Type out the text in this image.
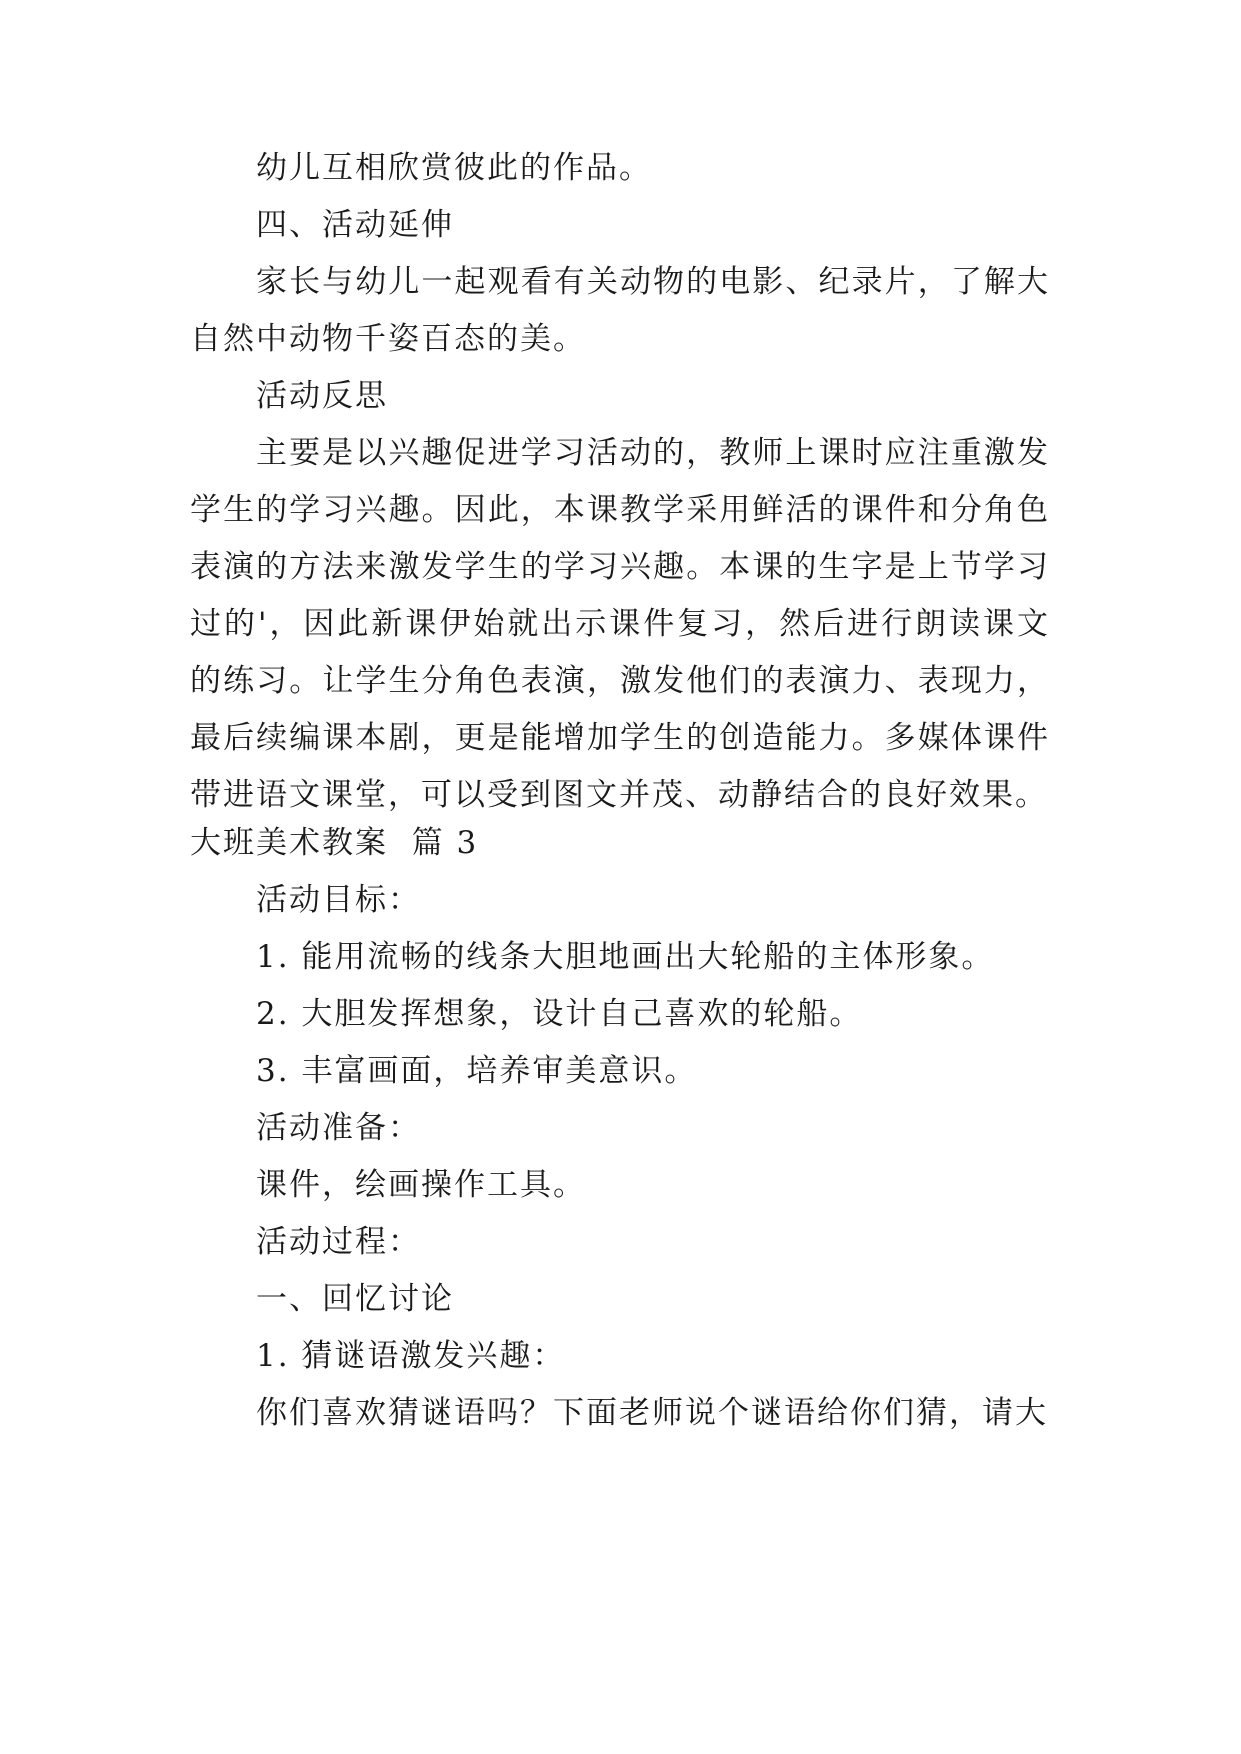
幼儿互相欣赏彼此的作品。
四、活动延伸
家长与幼儿一起观看有关动物的电影、纪录片，了解大自然中动物千姿百态的美。
活动反思
主要是以兴趣促进学习活动的，教师上课时应注重激发学生的学习兴趣。因此，本课教学采用鲜活的课件和分角色表演的方法来激发学生的学习兴趣。本课的生字是上节学习过的'，因此新课伊始就出示课件复习，然后进行朗读课文的练习。让学生分角色表演，激发他们的表演力、表现力，最后续编课本剧，更是能增加学生的创造能力。多媒体课件带进语文课堂，可以受到图文并茂、动静结合的良好效果。
大班美术教案  篇 3
活动目标：
1. 能用流畅的线条大胆地画出大轮船的主体形象。
2. 大胆发挥想象，设计自己喜欢的轮船。
3. 丰富画面，培养审美意识。
活动准备：
课件，绘画操作工具。
活动过程：
一、回忆讨论
1. 猜谜语激发兴趣：
你们喜欢猜谜语吗？下面老师说个谜语给你们猜，请大
